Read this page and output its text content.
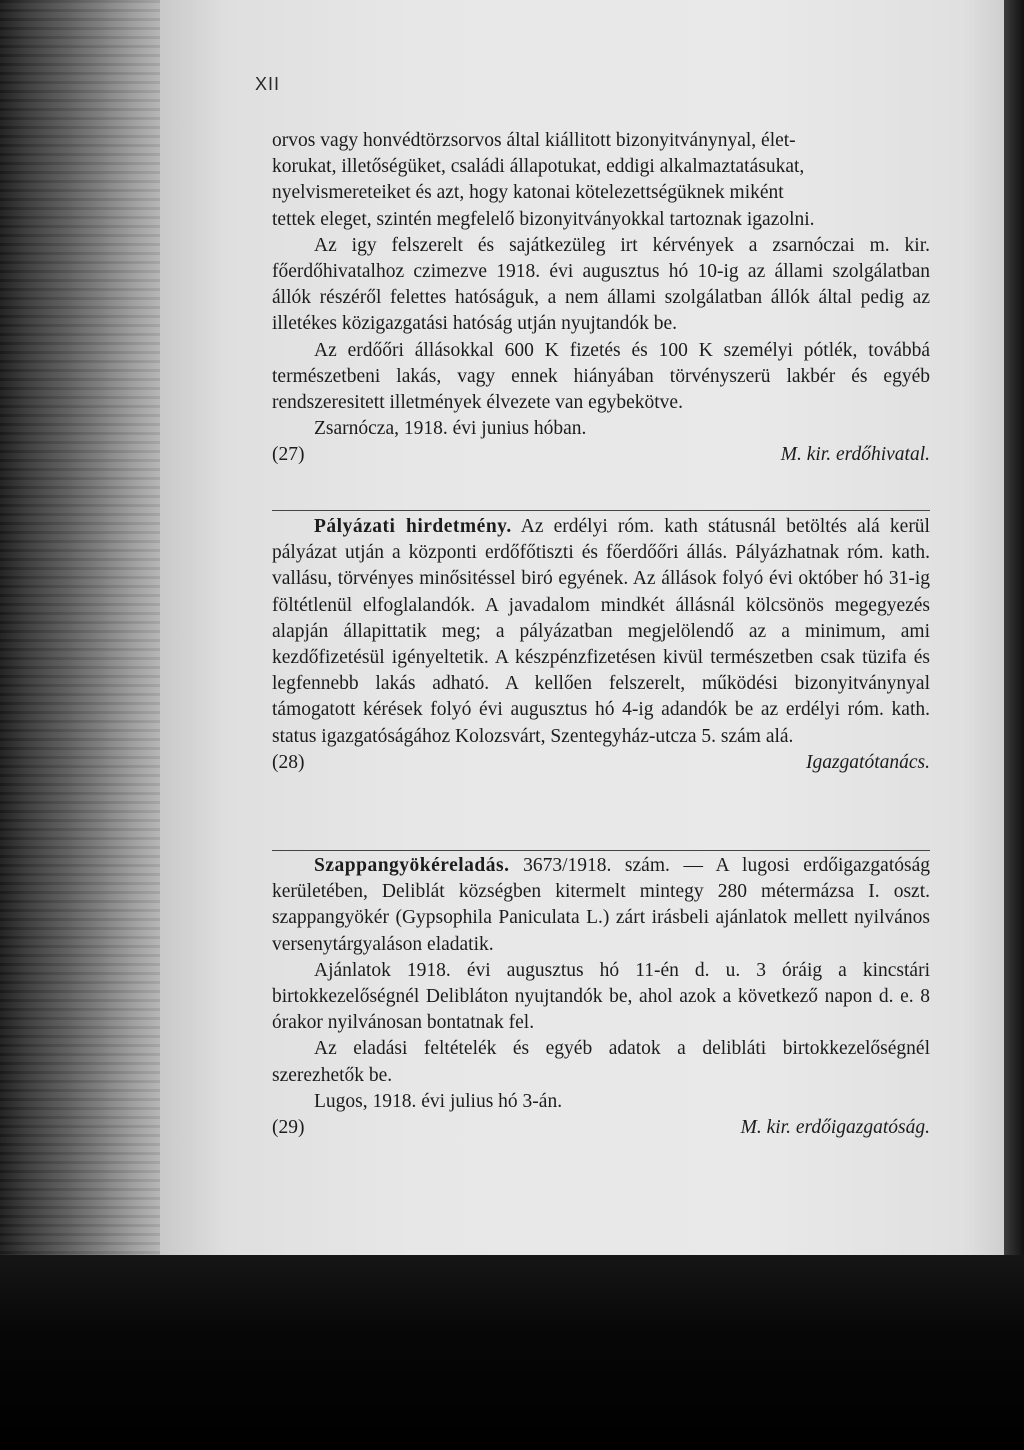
XII

orvos vagy honvédtörzsorvos által kiállitott bizonyitványnyal, élet-

korukat, illetőségüket, családi állapotukat, eddigi alkalmaztatásukat,

nyelvismereteiket és azt, hogy katonai kötelezettségüknek miként

tettek eleget, szintén megfelelő bizonyitványokkal tartoznak igazolni.

Az igy felszerelt és sajátkezüleg irt kérvények a zsarnóczai m. kir. főerdőhivatalhoz czimezve 1918. évi augusztus hó 10-ig az állami szolgálatban állók részéről felettes hatóságuk, a nem állami szolgálatban állók által pedig az illetékes közigazgatási hatóság utján nyujtandók be.

Az erdőőri állásokkal 600 K fizetés és 100 K személyi pótlék, továbbá természetbeni lakás, vagy ennek hiányában törvényszerü lakbér és egyéb rendszeresitett illetmények élvezete van egybekötve.

Zsarnócza, 1918. évi junius hóban.

(27)	M. kir. erdőhivatal.

Pályázati hirdetmény. Az erdélyi róm. kath státusnál betöltés alá kerül pályázat utján a központi erdőfőtiszti és főerdőőri állás. Pályázhatnak róm. kath. vallásu, törvényes minősitéssel biró egyének. Az állások folyó évi október hó 31-ig föltétlenül elfoglalandók. A javadalom mindkét állásnál kölcsönös megegyezés alapján állapittatik meg; a pályázatban megjelölendő az a minimum, ami kezdőfizetésül igényeltetik. A készpénzfizetésen kivül természetben csak tüzifa és legfennebb lakás adható. A kellően felszerelt, működési bizonyitványnyal támogatott kérések folyó évi augusztus hó 4-ig adandók be az erdélyi róm. kath. status igazgatóságához Kolozsvárt, Szentegyház-utcza 5. szám alá.

(28)	Igazgatótanács.

Szappangyökéreladás. 3673/1918. szám. — A lugosi erdőigazgatóság kerületében, Deliblát községben kitermelt mintegy 280 métermázsa I. oszt. szappangyökér (Gypsophila Paniculata L.) zárt irásbeli ajánlatok mellett nyilvános versenytárgyaláson eladatik.

Ajánlatok 1918. évi augusztus hó 11-én d. u. 3 óráig a kincstári birtokkezelőségnél Delibláton nyujtandók be, ahol azok a következő napon d. e. 8 órakor nyilvánosan bontatnak fel.

Az eladási feltételék és egyéb adatok a delibláti birtokkezelőségnél szerezhetők be.

Lugos, 1918. évi julius hó 3-án.

(29)	M. kir. erdőigazgatóság.
